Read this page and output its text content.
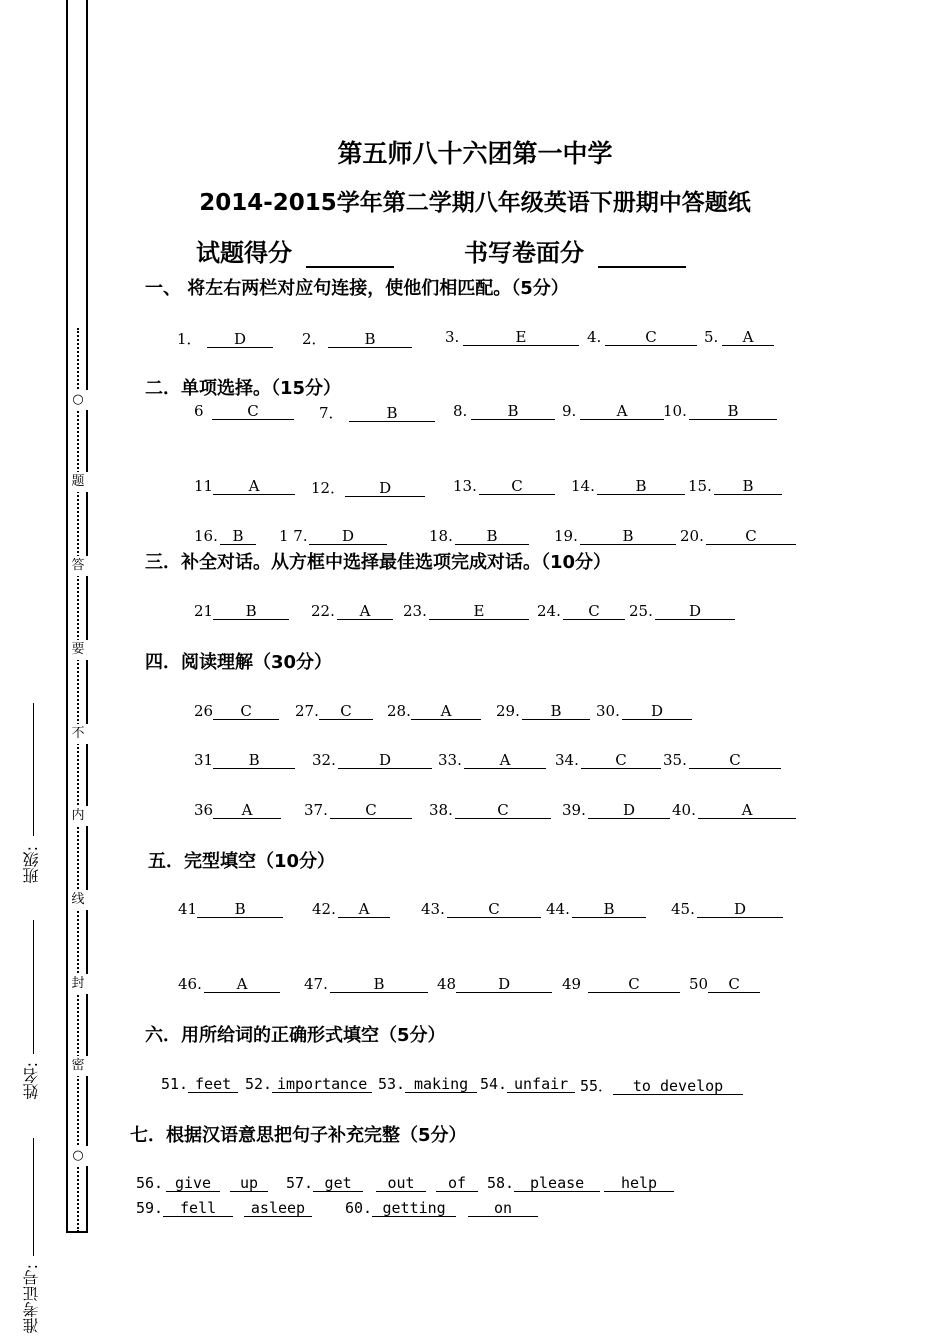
○
题
答
要
不
内
线
封
密
○
班级:
姓名:
准考证号:
第五师八十六团第一中学
2014-2015学年第二学期八年级英语下册期中答题纸
试题得分	书写卷面分
一、 将左右两栏对应句连接，使他们相匹配。（5分）
二．单项选择。（15分）
三．补全对话。从方框中选择最佳选项完成对话。（10分）
四．阅读理解（30分）
五．完型填空（10分）
六．用所给词的正确形式填空（5分）
七．根据汉语意思把句子补充完整（5分）
1． D	2．	B	3.	E	4.	C	5. A
6	C	7．	B	8.	B	9.	A	10.	B
11 A	12． D	13. C	14.	B	15. B
16. B	1 7. D	18. B	19.	B	20.	C
21 B	22. A	23.	E	24. C	25. D
26 C	27. C	28. A	29. B	30. D
31 B	32.	D	33.	A	34. C	35.	C
36 A	37. C	38.	C	39. D	40.	A
41 B	42. A	43.	C	44. B	45.	D
46. A	47.	B	48	D	49	C	50 C
51. feet 52. importance 53. making 54. unfair 55． to develop
56. give	up	57. get	out	of	58. please	help
59. fell	asleep	60. getting	on
